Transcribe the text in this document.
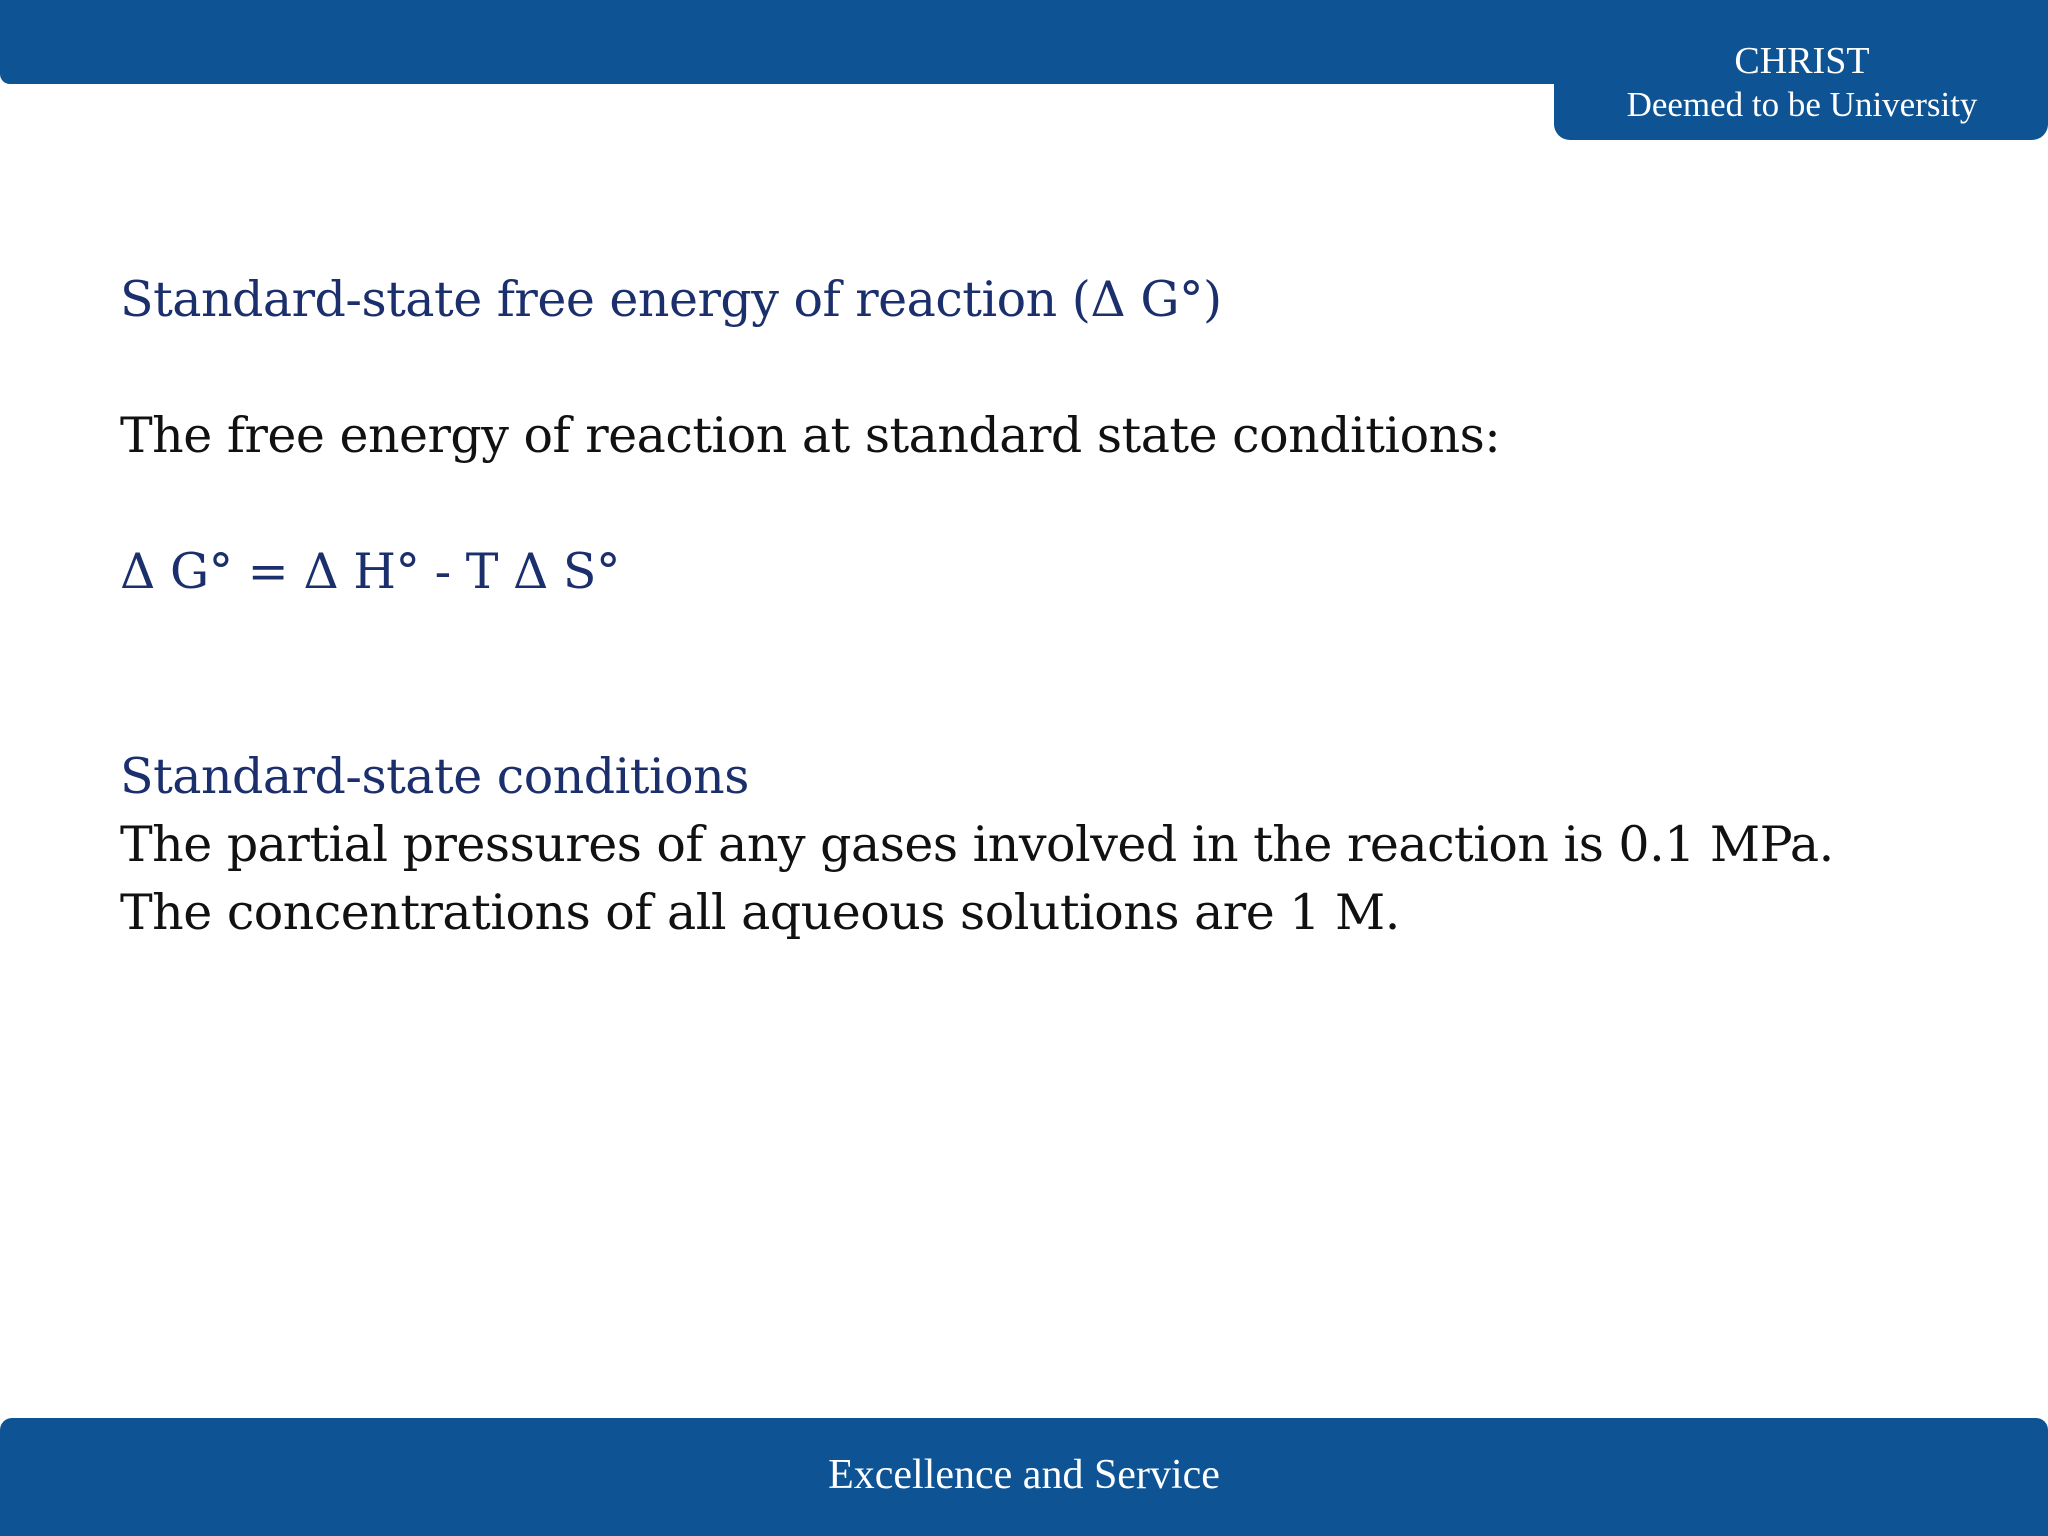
CHRIST
Deemed to be University
Standard-state free energy of reaction (Δ G°)
The free energy of reaction at standard state conditions:
Δ G° = Δ H° - T Δ S°
Standard-state conditions
The partial pressures of any gases involved in the reaction is 0.1 MPa.
The concentrations of all aqueous solutions are 1 M.
Excellence and Service
